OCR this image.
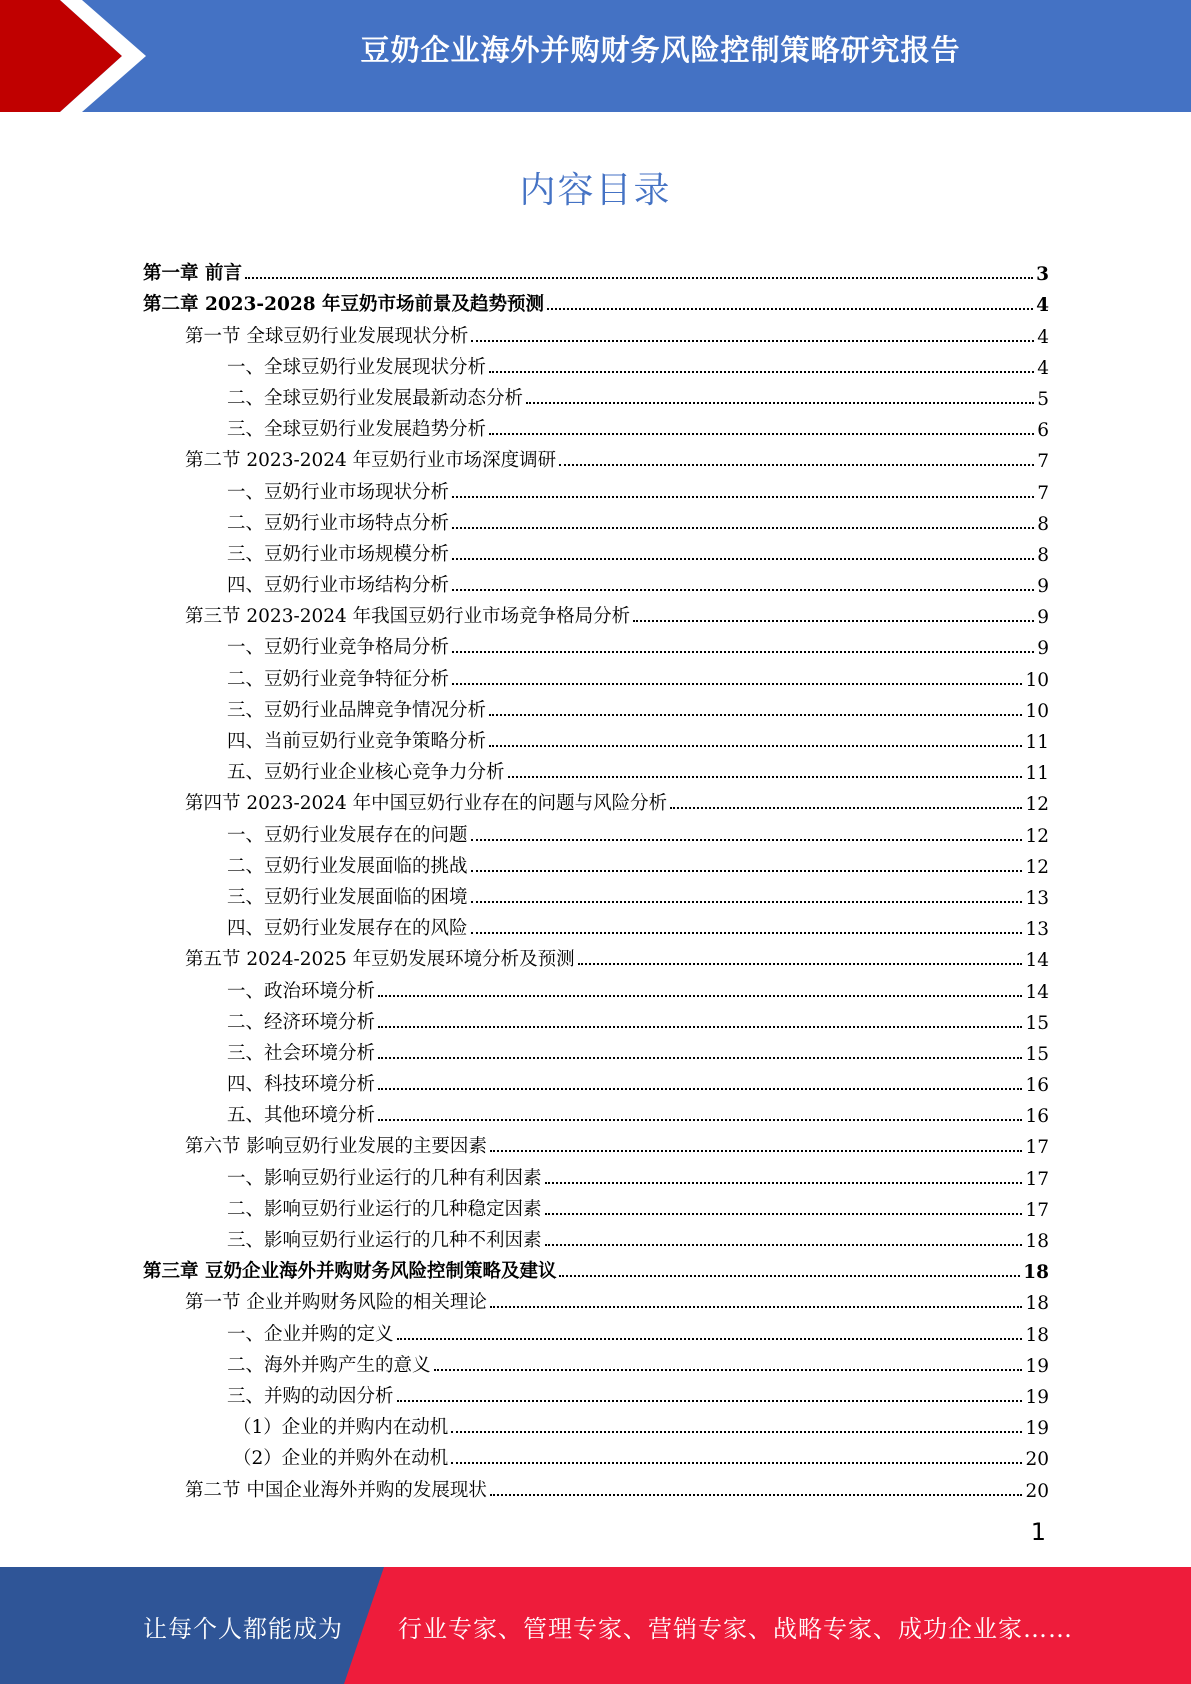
豆奶企业海外并购财务风险控制策略研究报告
内容目录
第一章 前言	3
第二章 2023-2028 年豆奶市场前景及趋势预测	4
第一节 全球豆奶行业发展现状分析	4
一、全球豆奶行业发展现状分析	4
二、全球豆奶行业发展最新动态分析	5
三、全球豆奶行业发展趋势分析	6
第二节 2023-2024 年豆奶行业市场深度调研	7
一、豆奶行业市场现状分析	7
二、豆奶行业市场特点分析	8
三、豆奶行业市场规模分析	8
四、豆奶行业市场结构分析	9
第三节 2023-2024 年我国豆奶行业市场竞争格局分析	9
一、豆奶行业竞争格局分析	9
二、豆奶行业竞争特征分析	10
三、豆奶行业品牌竞争情况分析	10
四、当前豆奶行业竞争策略分析	11
五、豆奶行业企业核心竞争力分析	11
第四节 2023-2024 年中国豆奶行业存在的问题与风险分析	12
一、豆奶行业发展存在的问题	12
二、豆奶行业发展面临的挑战	12
三、豆奶行业发展面临的困境	13
四、豆奶行业发展存在的风险	13
第五节 2024-2025 年豆奶发展环境分析及预测	14
一、政治环境分析	14
二、经济环境分析	15
三、社会环境分析	15
四、科技环境分析	16
五、其他环境分析	16
第六节 影响豆奶行业发展的主要因素	17
一、影响豆奶行业运行的几种有利因素	17
二、影响豆奶行业运行的几种稳定因素	17
三、影响豆奶行业运行的几种不利因素	18
第三章 豆奶企业海外并购财务风险控制策略及建议	18
第一节 企业并购财务风险的相关理论	18
一、企业并购的定义	18
二、海外并购产生的意义	19
三、并购的动因分析	19
（1）企业的并购内在动机	19
（2）企业的并购外在动机	20
第二节 中国企业海外并购的发展现状	20
1
让每个人都能成为 行业专家、管理专家、营销专家、战略专家、成功企业家……
